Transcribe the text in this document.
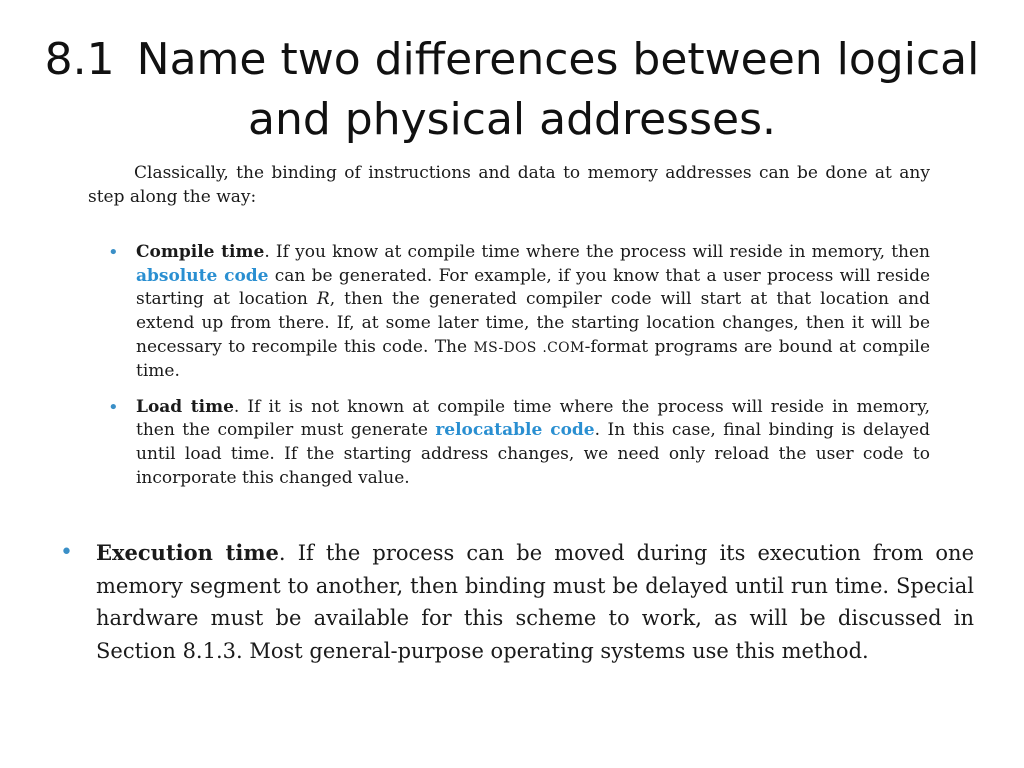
8.1 Name two differences between logical and physical addresses.

Classically, the binding of instructions and data to memory addresses can be done at any step along the way:

• Compile time. If you know at compile time where the process will reside in memory, then absolute code can be generated. For example, if you know that a user process will reside starting at location R, then the generated compiler code will start at that location and extend up from there. If, at some later time, the starting location changes, then it will be necessary to recompile this code. The MS-DOS .COM-format programs are bound at compile time.
• Load time. If it is not known at compile time where the process will reside in memory, then the compiler must generate relocatable code. In this case, final binding is delayed until load time. If the starting address changes, we need only reload the user code to incorporate this changed value.
• Execution time. If the process can be moved during its execution from one memory segment to another, then binding must be delayed until run time. Special hardware must be available for this scheme to work, as will be discussed in Section 8.1.3. Most general-purpose operating systems use this method.
